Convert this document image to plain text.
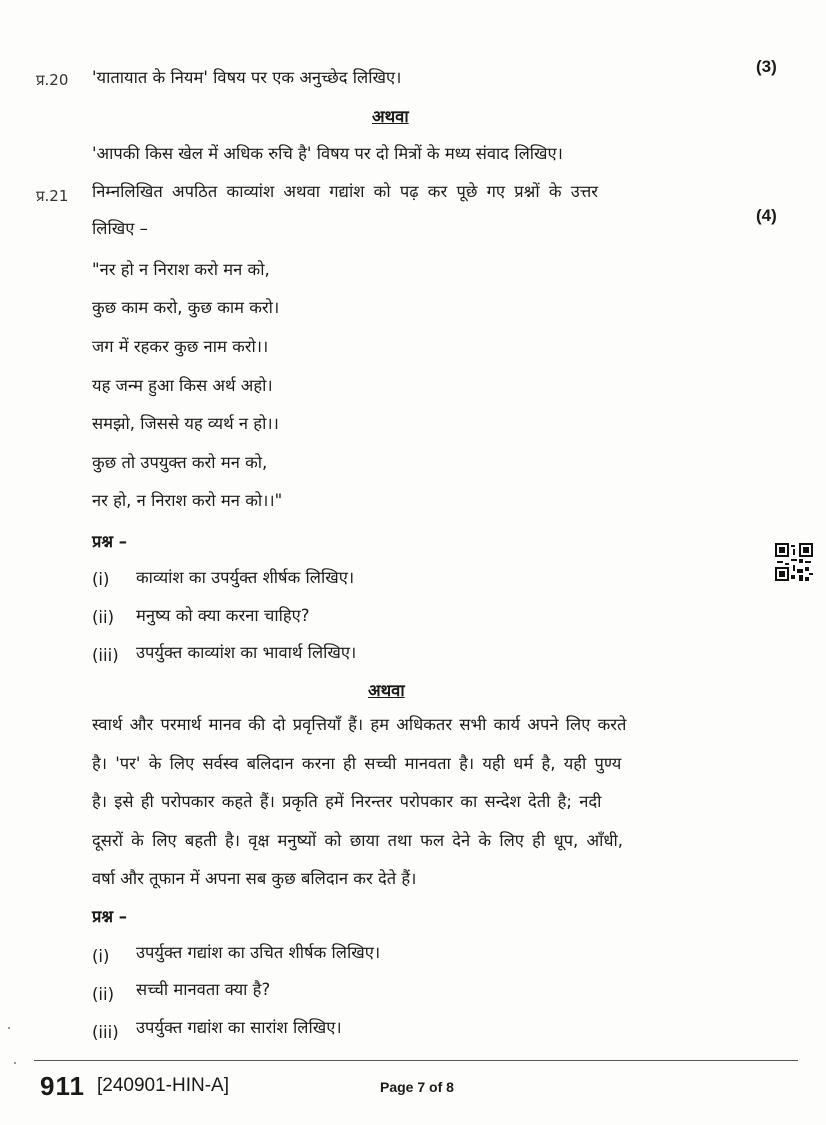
प्र.20 'यातायात के नियम' विषय पर एक अनुच्छेद लिखिए।
(3)
अथवा
'आपकी किस खेल में अधिक रुचि है' विषय पर दो मित्रों के मध्य संवाद लिखिए।
प्र.21 निम्नलिखित अपठित काव्यांश अथवा गद्यांश को पढ़ कर पूछे गए प्रश्नों के उत्तर
लिखिए –
(4)
"नर हो न निराश करो मन को,
कुछ काम करो, कुछ काम करो।
जग में रहकर कुछ नाम करो।।
यह जन्म हुआ किस अर्थ अहो।
समझो, जिससे यह व्यर्थ न हो।।
कुछ तो उपयुक्त करो मन को,
नर हो, न निराश करो मन को।।"
प्रश्न –
(i) काव्यांश का उपर्युक्त शीर्षक लिखिए।
(ii) मनुष्य को क्या करना चाहिए?
(iii) उपर्युक्त काव्यांश का भावार्थ लिखिए।
अथवा
स्वार्थ और परमार्थ मानव की दो प्रवृत्तियाँ हैं। हम अधिकतर सभी कार्य अपने लिए करते
है। 'पर' के लिए सर्वस्व बलिदान करना ही सच्ची मानवता है। यही धर्म है, यही पुण्य
है। इसे ही परोपकार कहते हैं। प्रकृति हमें निरन्तर परोपकार का सन्देश देती है; नदी
दूसरों के लिए बहती है। वृक्ष मनुष्यों को छाया तथा फल देने के लिए ही धूप, आँधी,
वर्षा और तूफान में अपना सब कुछ बलिदान कर देते हैं।
प्रश्न –
(i) उपर्युक्त गद्यांश का उचित शीर्षक लिखिए।
(ii) सच्ची मानवता क्या है?
(iii) उपर्युक्त गद्यांश का सारांश लिखिए।
911 [240901-HIN-A]	Page 7 of 8
